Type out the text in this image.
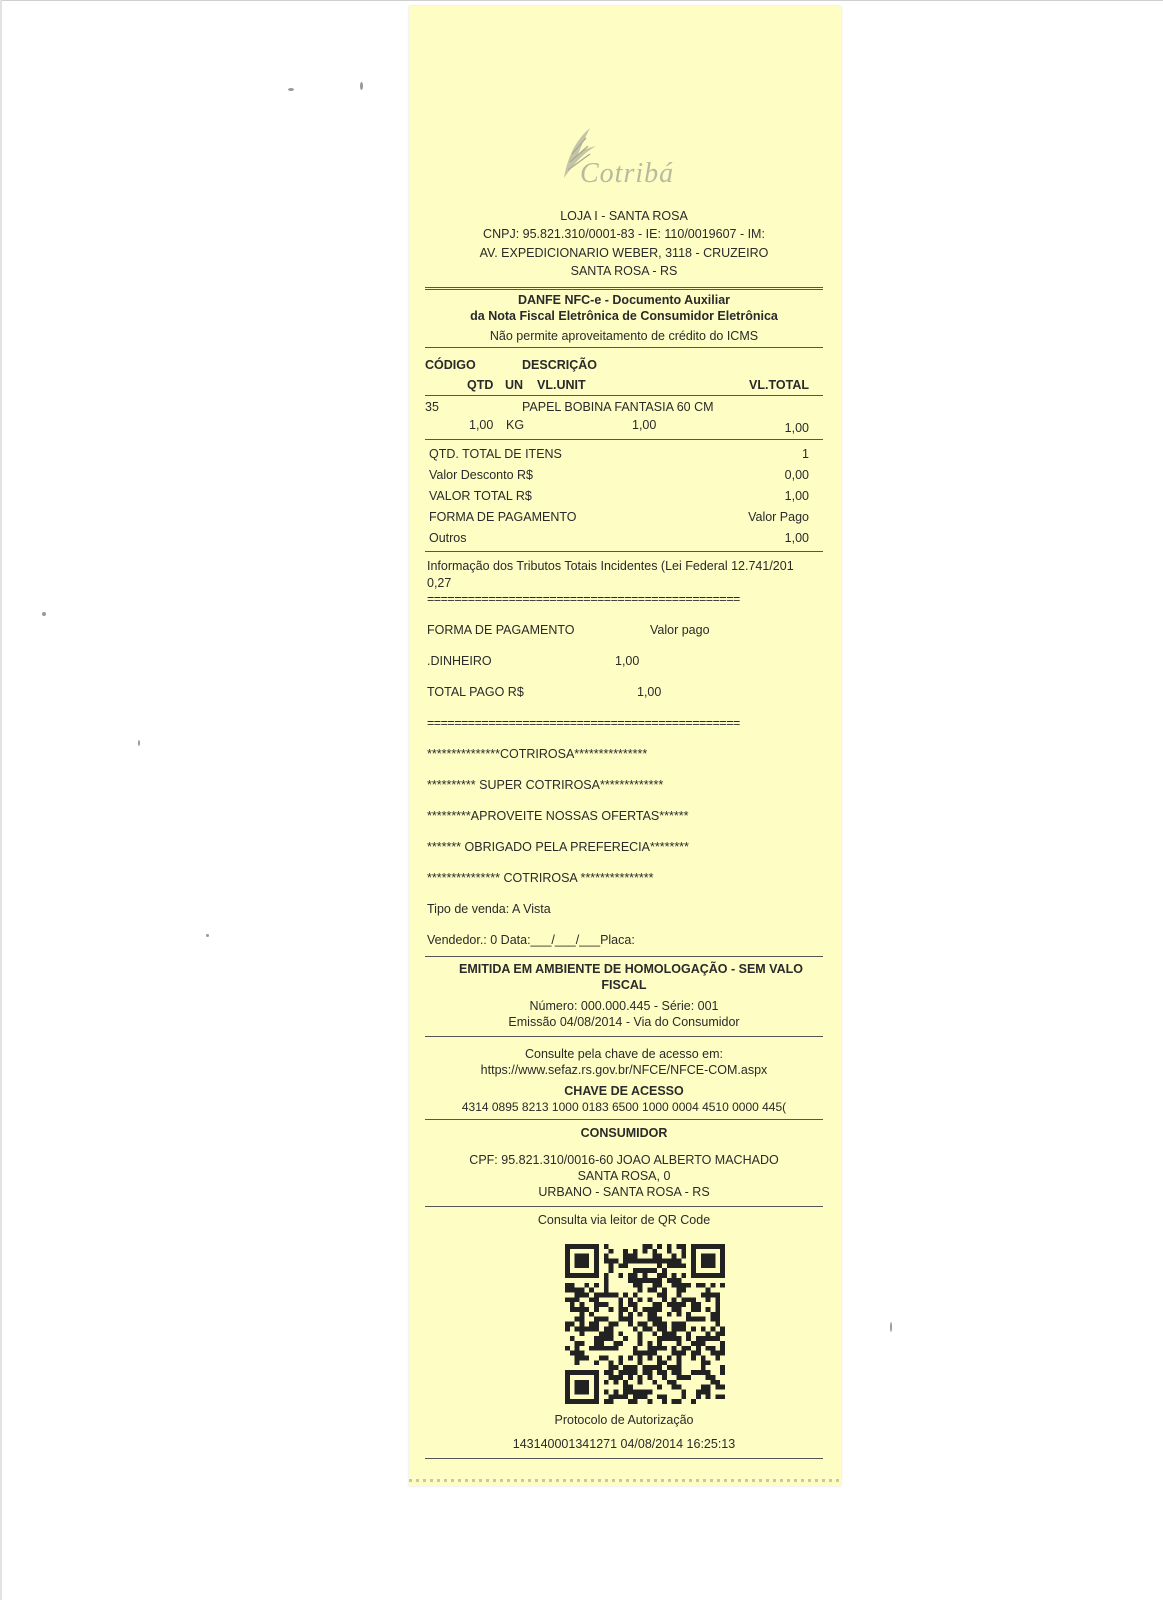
Cotribá
LOJA I - SANTA ROSA
CNPJ: 95.821.310/0001-83 - IE: 110/0019607 - IM:
AV. EXPEDICIONARIO WEBER, 3118 - CRUZEIRO
SANTA ROSA - RS
DANFE NFC-e - Documento Auxiliar
da Nota Fiscal Eletrônica de Consumidor Eletrônica
Não permite aproveitamento de crédito do ICMS
CÓDIGO	DESCRIÇÃO
QTD UN VL.UNIT	VL.TOTAL
35	PAPEL BOBINA FANTASIA 60 CM
1,00 KG	1,00	1,00
QTD. TOTAL DE ITENS	1
Valor Desconto R$	0,00
VALOR TOTAL R$	1,00
FORMA DE PAGAMENTO	Valor Pago
Outros	1,00
Informação dos Tributos Totais Incidentes (Lei Federal 12.741/201
0,27
==============================================
FORMA DE PAGAMENTO	Valor pago
.DINHEIRO	1,00
TOTAL PAGO R$	1,00
==============================================
***************COTRIROSA***************
********** SUPER COTRIROSA*************
*********APROVEITE NOSSAS OFERTAS******
******* OBRIGADO PELA PREFERECIA********
*************** COTRIROSA ***************
Tipo de venda: A Vista
Vendedor.: 0 Data:___/___/___Placa:
EMITIDA EM AMBIENTE DE HOMOLOGAÇÃO - SEM VALO
FISCAL
Número: 000.000.445 - Série: 001
Emissão 04/08/2014 - Via do Consumidor
Consulte pela chave de acesso em:
https://www.sefaz.rs.gov.br/NFCE/NFCE-COM.aspx
CHAVE DE ACESSO
4314 0895 8213 1000 0183 6500 1000 0004 4510 0000 445(
CONSUMIDOR
CPF: 95.821.310/0016-60 JOAO ALBERTO MACHADO
SANTA ROSA, 0
URBANO - SANTA ROSA - RS
Consulta via leitor de QR Code
Protocolo de Autorização
143140001341271 04/08/2014 16:25:13
